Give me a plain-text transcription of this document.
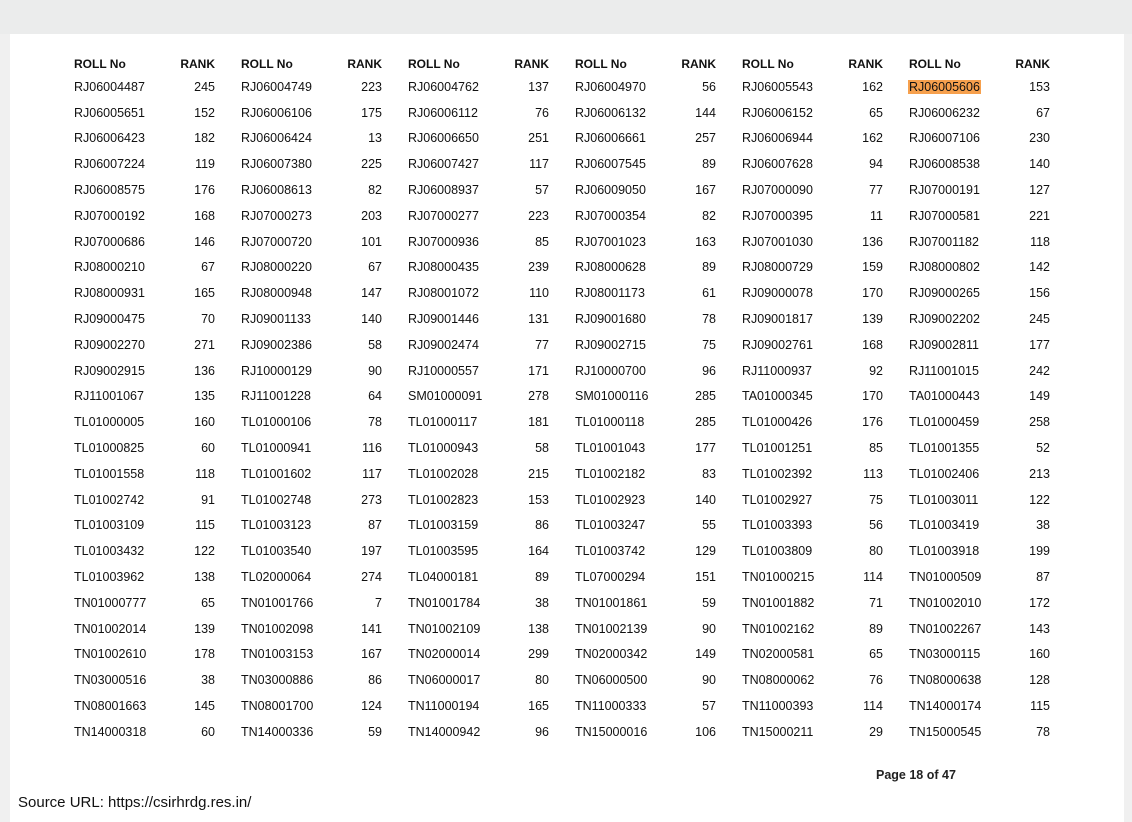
ROLL No	RANK		ROLL No	RANK		ROLL No	RANK		ROLL No	RANK		ROLL No	RANK		ROLL No	RANK
RJ06004487	245		RJ06004749	223		RJ06004762	137		RJ06004970	56		RJ06005543	162		RJ06005606	153
RJ06005651	152		RJ06006106	175		RJ06006112	76		RJ06006132	144		RJ06006152	65		RJ06006232	67
RJ06006423	182		RJ06006424	13		RJ06006650	251		RJ06006661	257		RJ06006944	162		RJ06007106	230
RJ06007224	119		RJ06007380	225		RJ06007427	117		RJ06007545	89		RJ06007628	94		RJ06008538	140
RJ06008575	176		RJ06008613	82		RJ06008937	57		RJ06009050	167		RJ07000090	77		RJ07000191	127
RJ07000192	168		RJ07000273	203		RJ07000277	223		RJ07000354	82		RJ07000395	11		RJ07000581	221
RJ07000686	146		RJ07000720	101		RJ07000936	85		RJ07001023	163		RJ07001030	136		RJ07001182	118
RJ08000210	67		RJ08000220	67		RJ08000435	239		RJ08000628	89		RJ08000729	159		RJ08000802	142
RJ08000931	165		RJ08000948	147		RJ08001072	110		RJ08001173	61		RJ09000078	170		RJ09000265	156
RJ09000475	70		RJ09001133	140		RJ09001446	131		RJ09001680	78		RJ09001817	139		RJ09002202	245
RJ09002270	271		RJ09002386	58		RJ09002474	77		RJ09002715	75		RJ09002761	168		RJ09002811	177
RJ09002915	136		RJ10000129	90		RJ10000557	171		RJ10000700	96		RJ11000937	92		RJ11001015	242
RJ11001067	135		RJ11001228	64		SM01000091	278		SM01000116	285		TA01000345	170		TA01000443	149
TL01000005	160		TL01000106	78		TL01000117	181		TL01000118	285		TL01000426	176		TL01000459	258
TL01000825	60		TL01000941	116		TL01000943	58		TL01001043	177		TL01001251	85		TL01001355	52
TL01001558	118		TL01001602	117		TL01002028	215		TL01002182	83		TL01002392	113		TL01002406	213
TL01002742	91		TL01002748	273		TL01002823	153		TL01002923	140		TL01002927	75		TL01003011	122
TL01003109	115		TL01003123	87		TL01003159	86		TL01003247	55		TL01003393	56		TL01003419	38
TL01003432	122		TL01003540	197		TL01003595	164		TL01003742	129		TL01003809	80		TL01003918	199
TL01003962	138		TL02000064	274		TL04000181	89		TL07000294	151		TN01000215	114		TN01000509	87
TN01000777	65		TN01001766	7		TN01001784	38		TN01001861	59		TN01001882	71		TN01002010	172
TN01002014	139		TN01002098	141		TN01002109	138		TN01002139	90		TN01002162	89		TN01002267	143
TN01002610	178		TN01003153	167		TN02000014	299		TN02000342	149		TN02000581	65		TN03000115	160
TN03000516	38		TN03000886	86		TN06000017	80		TN06000500	90		TN08000062	76		TN08000638	128
TN08001663	145		TN08001700	124		TN11000194	165		TN11000333	57		TN11000393	114		TN14000174	115
TN14000318	60		TN14000336	59		TN14000942	96		TN15000016	106		TN15000211	29		TN15000545	78
Page 18 of 47
Source URL: https://csirhrdg.res.in/
